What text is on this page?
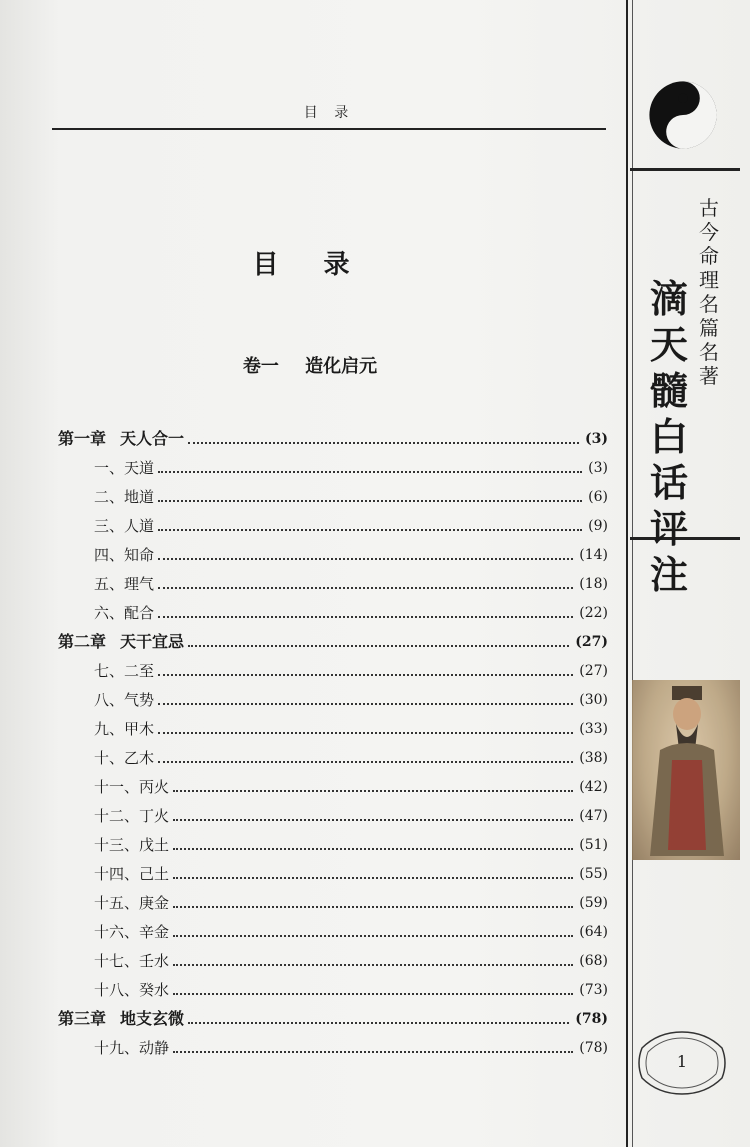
目 录
目 录
卷一 造化启元
第一章 天人合一	(3)
一、天道	(3)
二、地道	(6)
三、人道	(9)
四、知命	(14)
五、理气	(18)
六、配合	(22)
第二章 天干宜忌	(27)
七、二至	(27)
八、气势	(30)
九、甲木	(33)
十、乙木	(38)
十一、丙火	(42)
十二、丁火	(47)
十三、戊土	(51)
十四、己土	(55)
十五、庚金	(59)
十六、辛金	(64)
十七、壬水	(68)
十八、癸水	(73)
第三章 地支玄微	(78)
十九、动静	(78)
古今命理名篇名著
滴天髓白话评注
1
